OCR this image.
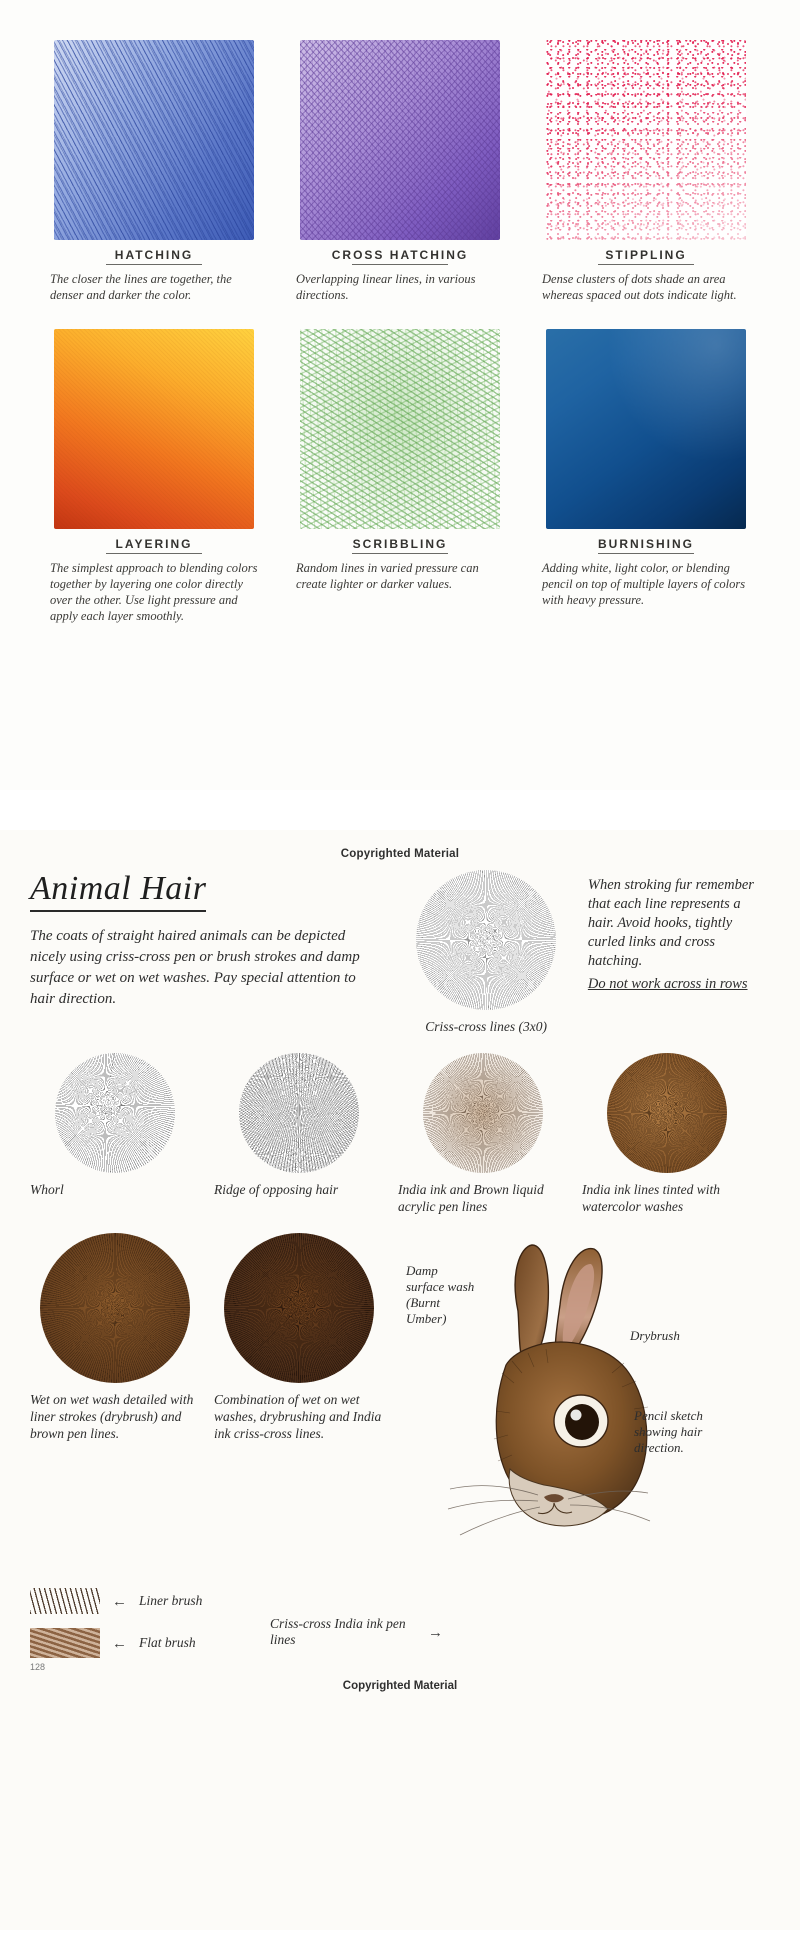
HATCHING
The closer the lines are together, the denser and darker the color.
CROSS HATCHING
Overlapping linear lines, in various directions.
STIPPLING
Dense clusters of dots shade an area whereas spaced out dots indicate light.
LAYERING
The simplest approach to blending colors together by layering one color directly over the other. Use light pressure and apply each layer smoothly.
SCRIBBLING
Random lines in varied pressure can create lighter or darker values.
BURNISHING
Adding white, light color, or blending pencil on top of multiple layers of colors with heavy pressure.
Copyrighted Material
Animal Hair
The coats of straight haired animals can be depicted nicely using criss-cross pen or brush strokes and damp surface or wet on wet washes. Pay special attention to hair direction.
Criss-cross lines (3x0)
When stroking fur remember that each line represents a hair. Avoid hooks, tightly curled links and cross hatching.
Do not work across in rows
Whorl	Ridge of opposing hair	India ink and Brown liquid acrylic pen lines
India ink lines tinted with watercolor washes
Wet on wet wash detailed with liner strokes (drybrush) and brown pen lines.
Combination of wet on wet washes, drybrushing and India ink criss-cross lines.
Damp surface wash (Burnt Umber)
Drybrush
Pencil sketch showing hair direction.
← Liner brush
← Flat brush
Criss-cross India ink pen lines	→
128
Copyrighted Material
